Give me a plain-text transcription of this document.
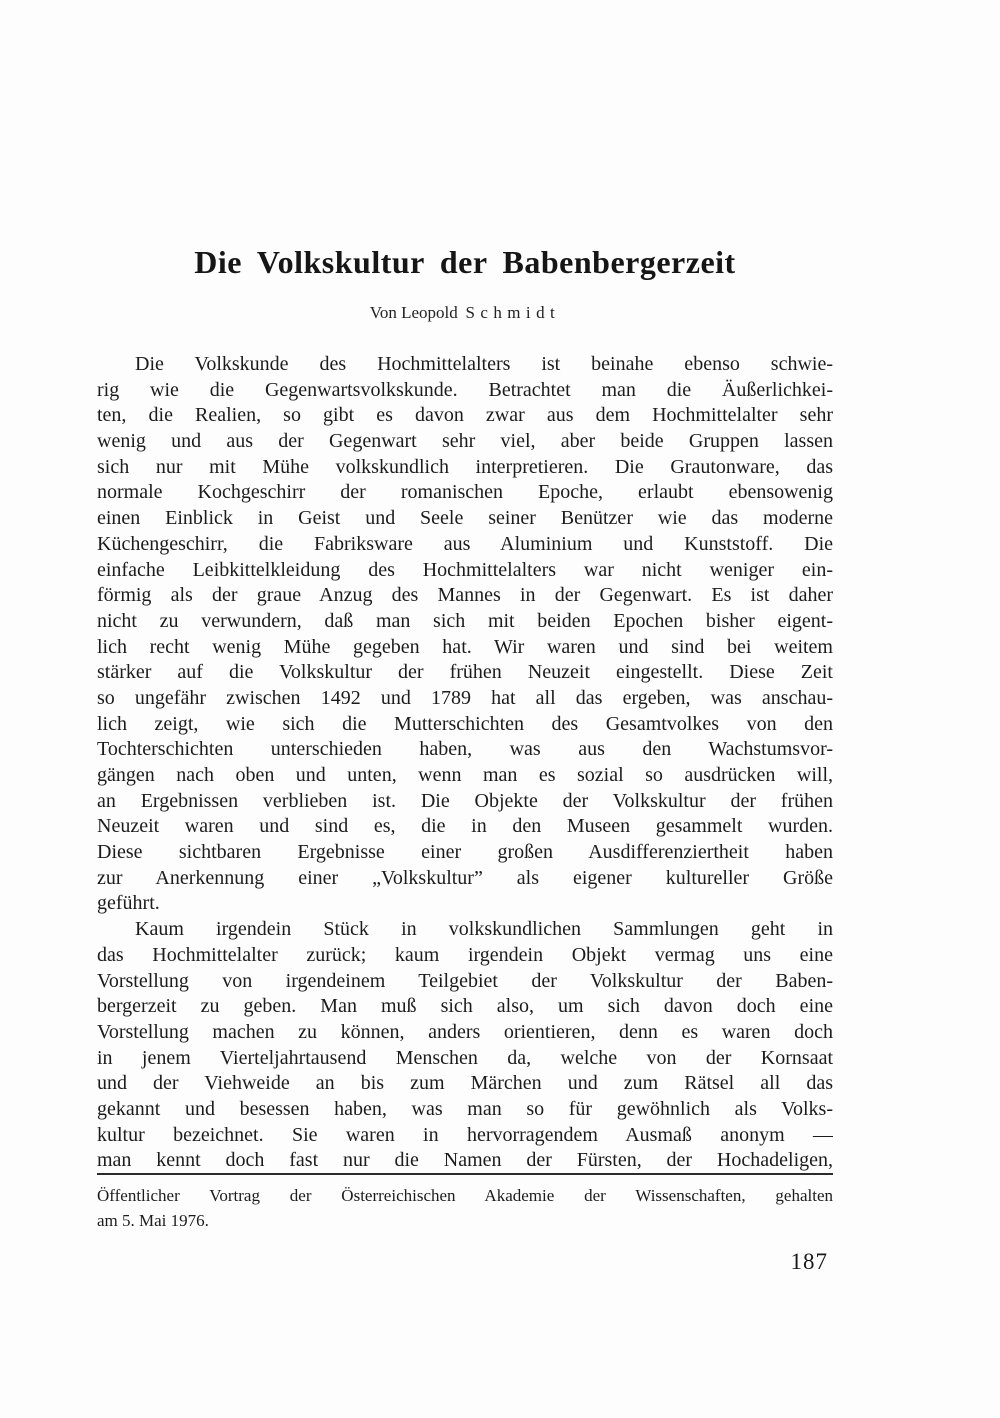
Die Volkskultur der Babenbergerzeit
Von Leopold Schmidt

Die Volkskunde des Hochmittelalters ist beinahe ebenso schwie-
rig wie die Gegenwartsvolkskunde. Betrachtet man die Äußerlichkei-
ten, die Realien, so gibt es davon zwar aus dem Hochmittelalter sehr
wenig und aus der Gegenwart sehr viel, aber beide Gruppen lassen
sich nur mit Mühe volkskundlich interpretieren. Die Grautonware, das
normale Kochgeschirr der romanischen Epoche, erlaubt ebensowenig
einen Einblick in Geist und Seele seiner Benützer wie das moderne
Küchengeschirr, die Fabriksware aus Aluminium und Kunststoff. Die
einfache Leibkittelkleidung des Hochmittelalters war nicht weniger ein-
förmig als der graue Anzug des Mannes in der Gegenwart. Es ist daher
nicht zu verwundern, daß man sich mit beiden Epochen bisher eigent-
lich recht wenig Mühe gegeben hat. Wir waren und sind bei weitem
stärker auf die Volkskultur der frühen Neuzeit eingestellt. Diese Zeit
so ungefähr zwischen 1492 und 1789 hat all das ergeben, was anschau-
lich zeigt, wie sich die Mutterschichten des Gesamtvolkes von den
Tochterschichten unterschieden haben, was aus den Wachstumsvor-
gängen nach oben und unten, wenn man es sozial so ausdrücken will,
an Ergebnissen verblieben ist. Die Objekte der Volkskultur der frühen
Neuzeit waren und sind es, die in den Museen gesammelt wurden.
Diese sichtbaren Ergebnisse einer großen Ausdifferenziertheit haben
zur Anerkennung einer „Volkskultur” als eigener kultureller Größe
geführt.

Kaum irgendein Stück in volkskundlichen Sammlungen geht in
das Hochmittelalter zurück; kaum irgendein Objekt vermag uns eine
Vorstellung von irgendeinem Teilgebiet der Volkskultur der Baben-
bergerzeit zu geben. Man muß sich also, um sich davon doch eine
Vorstellung machen zu können, anders orientieren, denn es waren doch
in jenem Vierteljahrtausend Menschen da, welche von der Kornsaat
und der Viehweide an bis zum Märchen und zum Rätsel all das
gekannt und besessen haben, was man so für gewöhnlich als Volks-
kultur bezeichnet. Sie waren in hervorragendem Ausmaß anonym —
man kennt doch fast nur die Namen der Fürsten, der Hochadeligen,

Öffentlicher Vortrag der Österreichischen Akademie der Wissenschaften, gehalten
am 5. Mai 1976.
187
